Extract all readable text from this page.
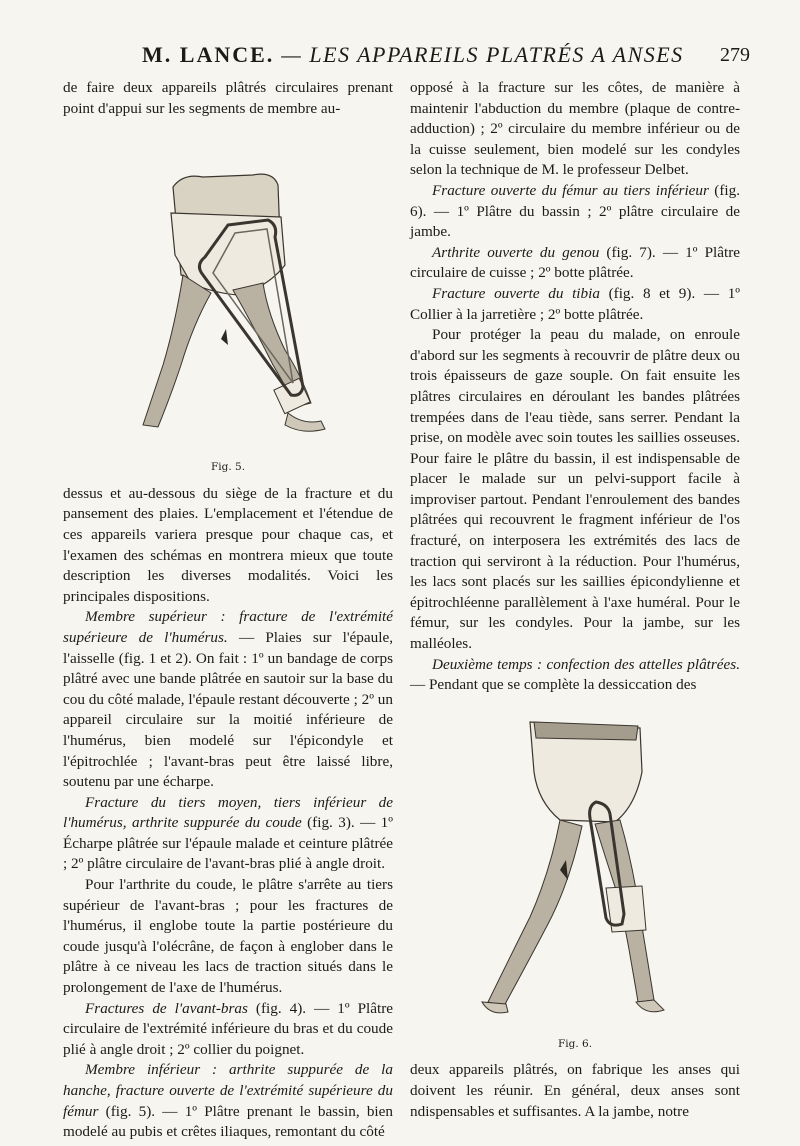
M. LANCE. — LES APPAREILS PLATRÉS A ANSES 279

de faire deux appareils plâtrés circulaires prenant point d'appui sur les segments de membre au-

Fig. 5.

dessus et au-dessous du siège de la fracture et du pansement des plaies. L'emplacement et l'étendue de ces appareils variera presque pour chaque cas, et l'examen des schémas en montrera mieux que toute description les diverses modalités. Voici les principales dispositions.

Membre supérieur : fracture de l'extrémité supérieure de l'humérus. — Plaies sur l'épaule, l'aisselle (fig. 1 et 2). On fait : 1º un bandage de corps plâtré avec une bande plâtrée en sautoir sur la base du cou du côté malade, l'épaule restant découverte ; 2º un appareil circulaire sur la moitié inférieure de l'humérus, bien modelé sur l'épicondyle et l'épitrochlée ; l'avant-bras peut être laissé libre, soutenu par une écharpe.

Fracture du tiers moyen, tiers inférieur de l'humérus, arthrite suppurée du coude (fig. 3). — 1º Écharpe plâtrée sur l'épaule malade et ceinture plâtrée ; 2º plâtre circulaire de l'avant-bras plié à angle droit.

Pour l'arthrite du coude, le plâtre s'arrête au tiers supérieur de l'avant-bras ; pour les fractures de l'humérus, il englobe toute la partie postérieure du coude jusqu'à l'olécrâne, de façon à englober dans le plâtre à ce niveau les lacs de traction situés dans le prolongement de l'axe de l'humérus.

Fractures de l'avant-bras (fig. 4). — 1º Plâtre circulaire de l'extrémité inférieure du bras et du coude plié à angle droit ; 2º collier du poignet.

Membre inférieur : arthrite suppurée de la hanche, fracture ouverte de l'extrémité supérieure du fémur (fig. 5). — 1º Plâtre prenant le bassin, bien modelé au pubis et crêtes iliaques, remontant du côté

opposé à la fracture sur les côtes, de manière à maintenir l'abduction du membre (plaque de contre-adduction) ; 2º circulaire du membre inférieur ou de la cuisse seulement, bien modelé sur les condyles selon la technique de M. le professeur Delbet.

Fracture ouverte du fémur au tiers inférieur (fig. 6). — 1º Plâtre du bassin ; 2º plâtre circulaire de jambe.

Arthrite ouverte du genou (fig. 7). — 1º Plâtre circulaire de cuisse ; 2º botte plâtrée.

Fracture ouverte du tibia (fig. 8 et 9). — 1º Collier à la jarretière ; 2º botte plâtrée.

Pour protéger la peau du malade, on enroule d'abord sur les segments à recouvrir de plâtre deux ou trois épaisseurs de gaze souple. On fait ensuite les plâtres circulaires en déroulant les bandes plâtrées trempées dans de l'eau tiède, sans serrer. Pendant la prise, on modèle avec soin toutes les saillies osseuses. Pour faire le plâtre du bassin, il est indispensable de placer le malade sur un pelvi-support facile à improviser partout. Pendant l'enroulement des bandes plâtrées qui recouvrent le fragment inférieur de l'os fracturé, on interposera les extrémités des lacs de traction qui serviront à la réduction. Pour l'humérus, les lacs sont placés sur les saillies épicondylienne et épitrochléenne parallèlement à l'axe huméral. Pour le fémur, sur les condyles. Pour la jambe, sur les malléoles.

Deuxième temps : confection des attelles plâtrées. — Pendant que se complète la dessiccation des

Fig. 6.

deux appareils plâtrés, on fabrique les anses qui doivent les réunir. En général, deux anses sont ndispensables et suffisantes. A la jambe, notre
